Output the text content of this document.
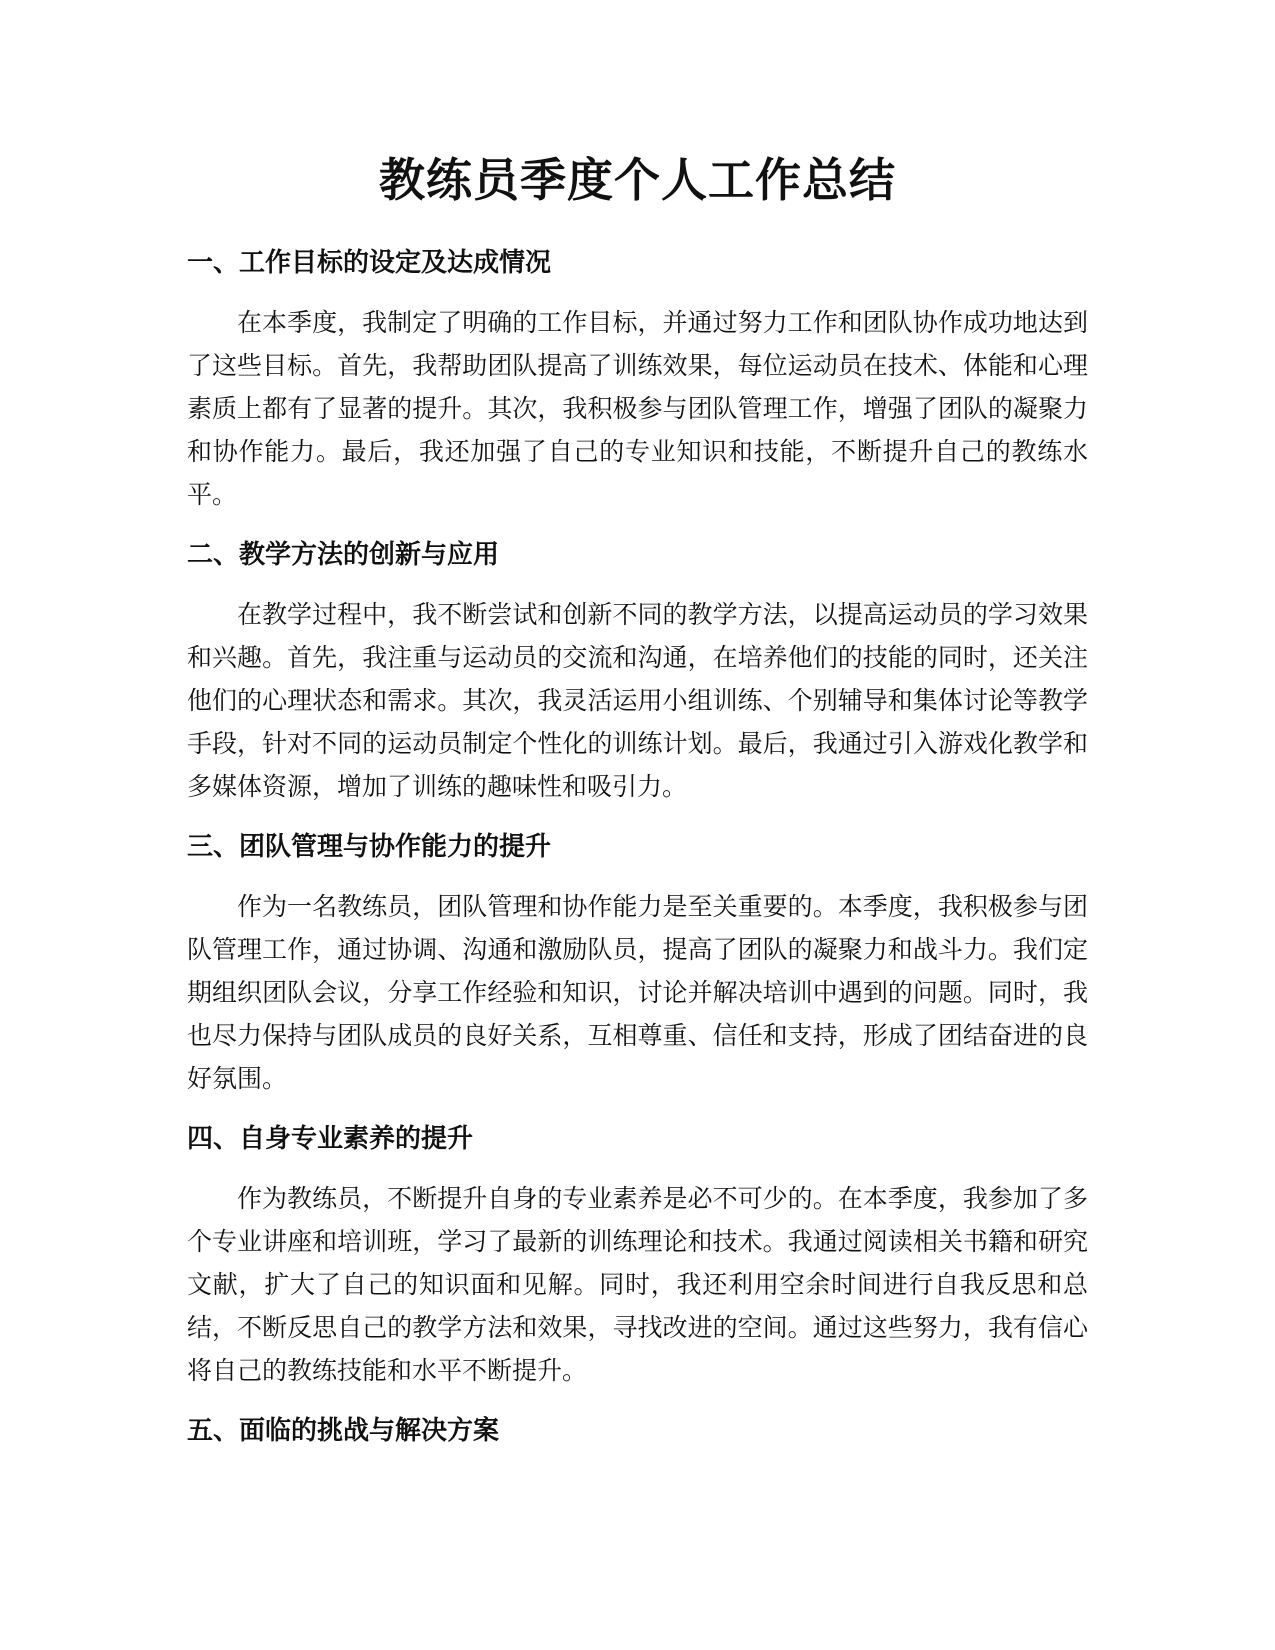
教练员季度个人工作总结
一、工作目标的设定及达成情况

在本季度，我制定了明确的工作目标，并通过努力工作和团队协作成功地达到了这些目标。首先，我帮助团队提高了训练效果，每位运动员在技术、体能和心理素质上都有了显著的提升。其次，我积极参与团队管理工作，增强了团队的凝聚力和协作能力。最后，我还加强了自己的专业知识和技能，不断提升自己的教练水平。

二、教学方法的创新与应用

在教学过程中，我不断尝试和创新不同的教学方法，以提高运动员的学习效果和兴趣。首先，我注重与运动员的交流和沟通，在培养他们的技能的同时，还关注他们的心理状态和需求。其次，我灵活运用小组训练、个别辅导和集体讨论等教学手段，针对不同的运动员制定个性化的训练计划。最后，我通过引入游戏化教学和多媒体资源，增加了训练的趣味性和吸引力。

三、团队管理与协作能力的提升

作为一名教练员，团队管理和协作能力是至关重要的。本季度，我积极参与团队管理工作，通过协调、沟通和激励队员，提高了团队的凝聚力和战斗力。我们定期组织团队会议，分享工作经验和知识，讨论并解决培训中遇到的问题。同时，我也尽力保持与团队成员的良好关系，互相尊重、信任和支持，形成了团结奋进的良好氛围。

四、自身专业素养的提升

作为教练员，不断提升自身的专业素养是必不可少的。在本季度，我参加了多个专业讲座和培训班，学习了最新的训练理论和技术。我通过阅读相关书籍和研究文献，扩大了自己的知识面和见解。同时，我还利用空余时间进行自我反思和总结，不断反思自己的教学方法和效果，寻找改进的空间。通过这些努力，我有信心将自己的教练技能和水平不断提升。

五、面临的挑战与解决方案
